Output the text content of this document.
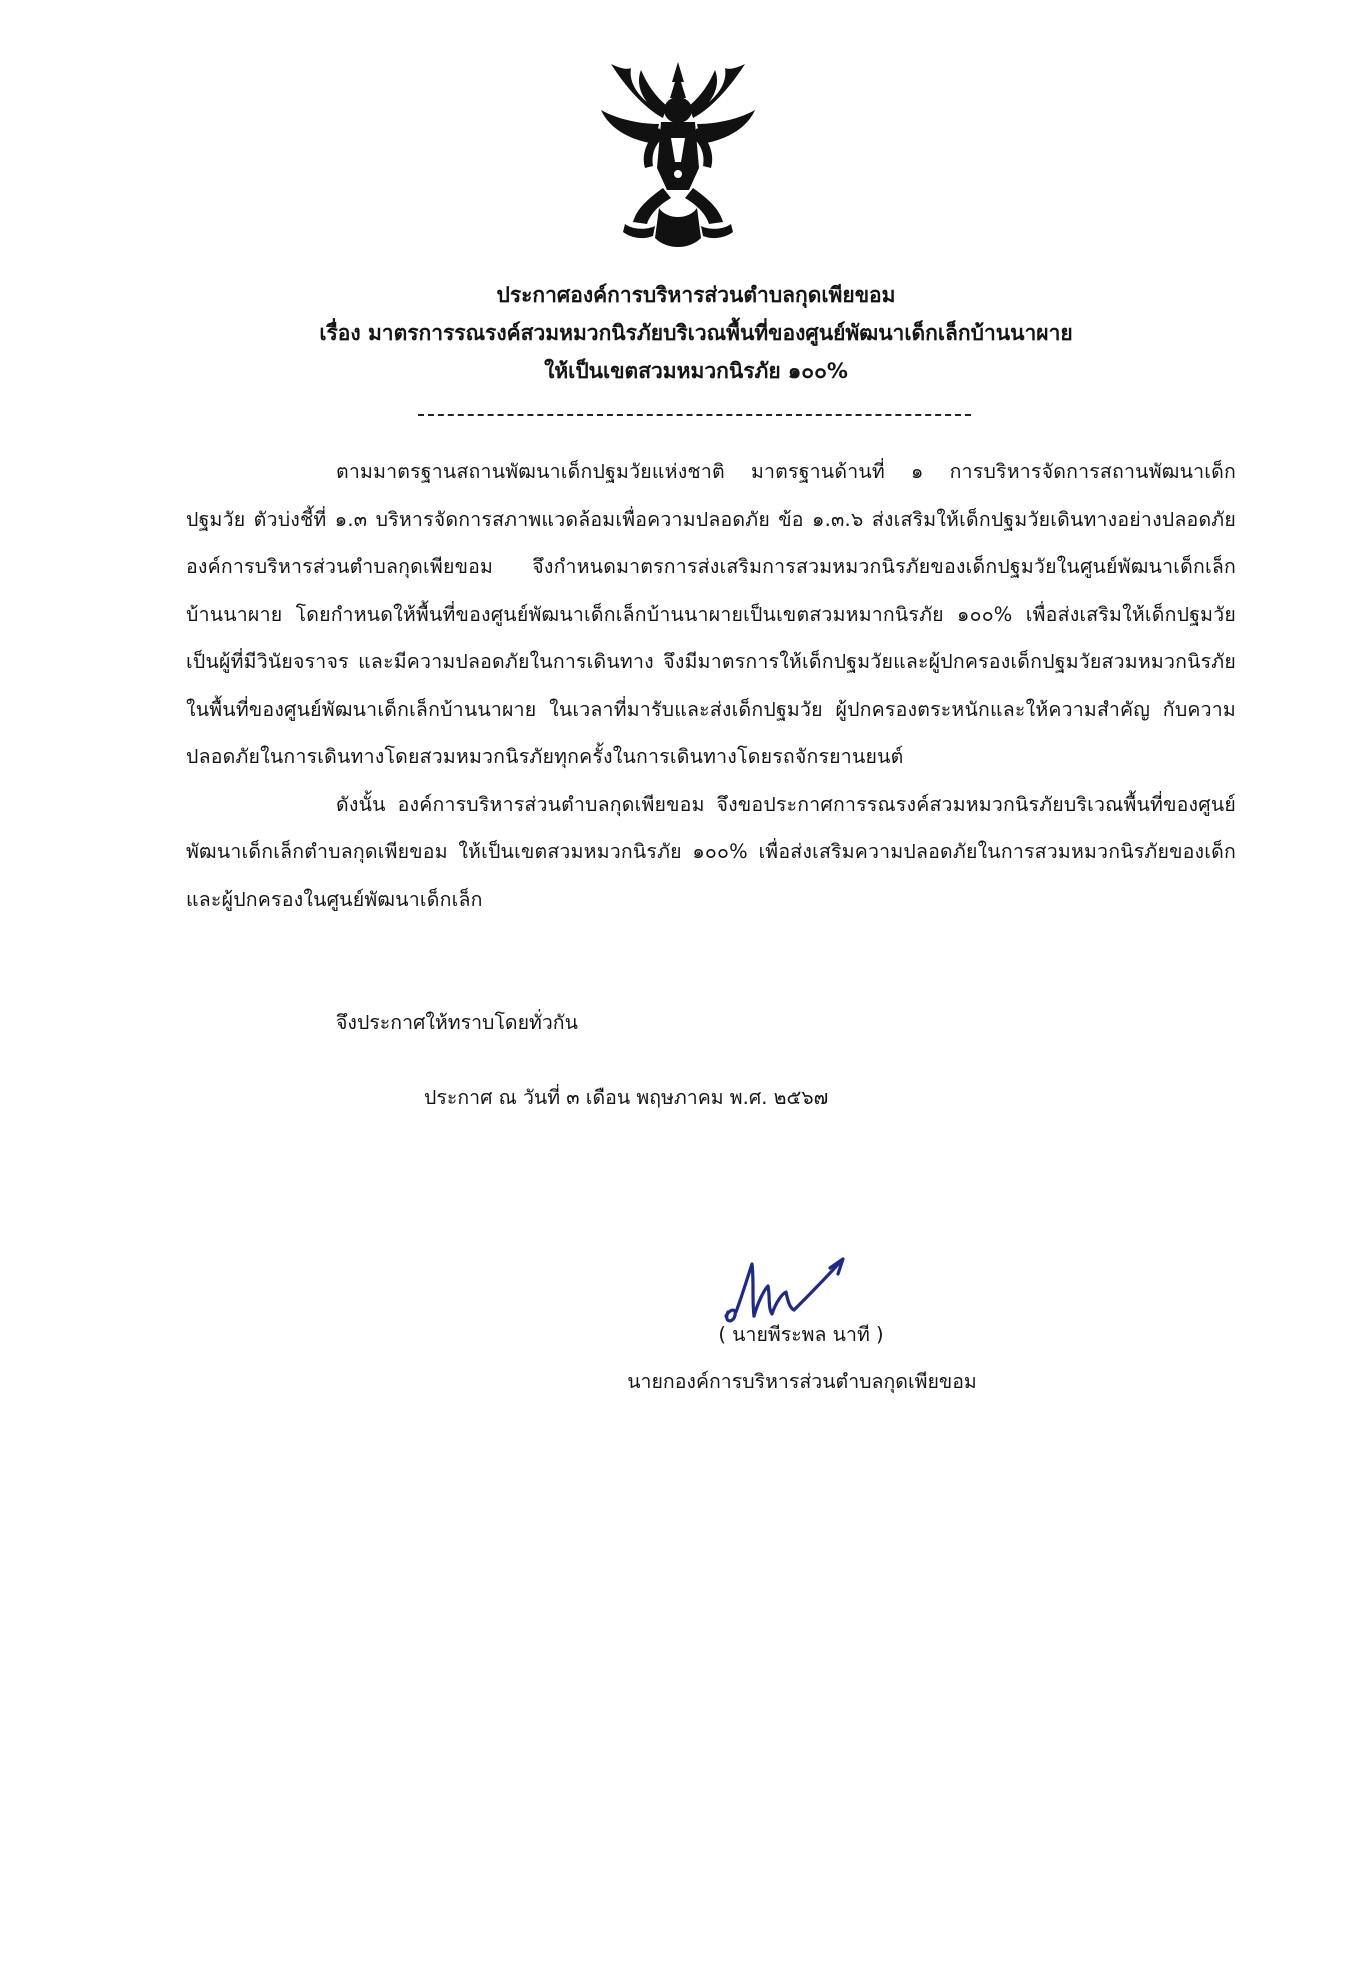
ประกาศองค์การบริหารส่วนตำบลกุดเพียขอม
เรื่อง มาตรการรณรงค์สวมหมวกนิรภัยบริเวณพื้นที่ของศูนย์พัฒนาเด็กเล็กบ้านนาผาย
ให้เป็นเขตสวมหมวกนิรภัย ๑๐๐%

ตามมาตรฐานสถานพัฒนาเด็กปฐมวัยแห่งชาติ มาตรฐานด้านที่ ๑ การบริหารจัดการสถานพัฒนาเด็กปฐมวัย ตัวบ่งชี้ที่ ๑.๓ บริหารจัดการสภาพแวดล้อมเพื่อความปลอดภัย ข้อ ๑.๓.๖ ส่งเสริมให้เด็กปฐมวัยเดินทางอย่างปลอดภัย องค์การบริหารส่วนตำบลกุดเพียขอม จึงกำหนดมาตรการส่งเสริมการสวมหมวกนิรภัยของเด็กปฐมวัยในศูนย์พัฒนาเด็กเล็กบ้านนาผาย โดยกำหนดให้พื้นที่ของศูนย์พัฒนาเด็กเล็กบ้านนาผายเป็นเขตสวมหมากนิรภัย ๑๐๐% เพื่อส่งเสริมให้เด็กปฐมวัยเป็นผู้ที่มีวินัยจราจร และมีความปลอดภัยในการเดินทาง จึงมีมาตรการให้เด็กปฐมวัยและผู้ปกครองเด็กปฐมวัยสวมหมวกนิรภัยในพื้นที่ของศูนย์พัฒนาเด็กเล็กบ้านนาผาย ในเวลาที่มารับและส่งเด็กปฐมวัย ผู้ปกครองตระหนักและให้ความสำคัญ กับความปลอดภัยในการเดินทางโดยสวมหมวกนิรภัยทุกครั้งในการเดินทางโดยรถจักรยานยนต์

ดังนั้น องค์การบริหารส่วนตำบลกุดเพียขอม จึงขอประกาศการรณรงค์สวมหมวกนิรภัยบริเวณพื้นที่ของศูนย์พัฒนาเด็กเล็กตำบลกุดเพียขอม ให้เป็นเขตสวมหมวกนิรภัย ๑๐๐% เพื่อส่งเสริมความปลอดภัยในการสวมหมวกนิรภัยของเด็กและผู้ปกครองในศูนย์พัฒนาเด็กเล็ก

จึงประกาศให้ทราบโดยทั่วกัน
ประกาศ ณ วันที่ ๓ เดือน พฤษภาคม พ.ศ. ๒๕๖๗
( นายพีระพล นาที )
นายกองค์การบริหารส่วนตำบลกุดเพียขอม
